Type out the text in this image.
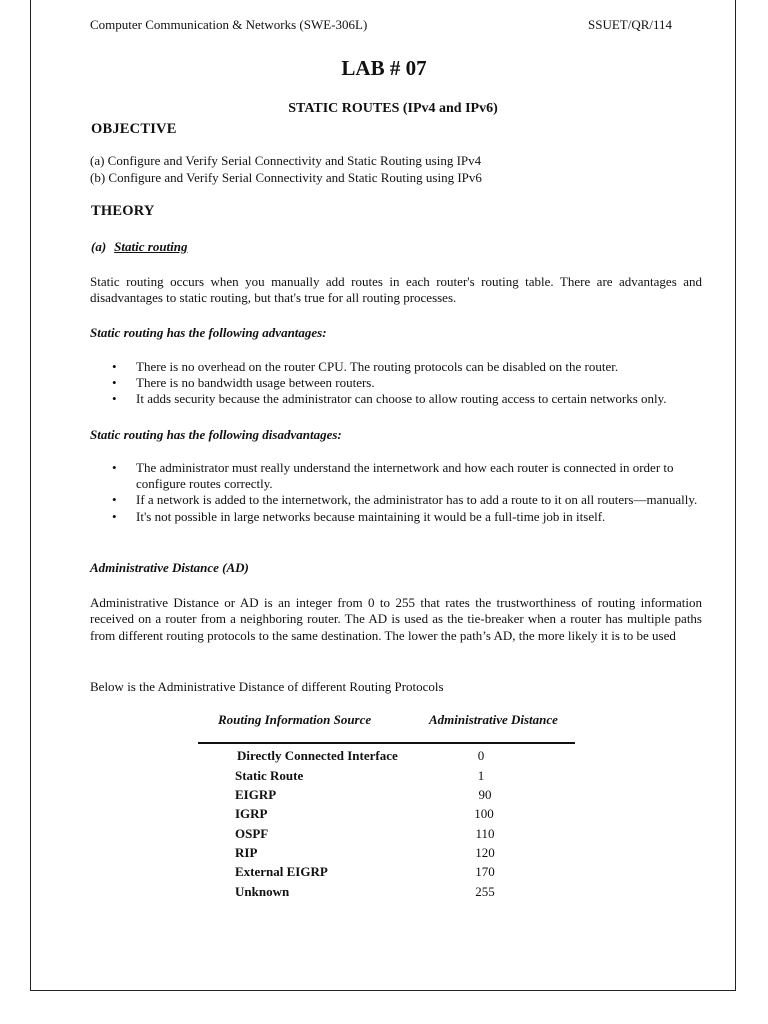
Computer Communication & Networks (SWE-306L)	SSUET/QR/114
LAB # 07
STATIC ROUTES (IPv4 and IPv6)
OBJECTIVE
(a) Configure and Verify Serial Connectivity and Static Routing using IPv4
(b) Configure and Verify Serial Connectivity and Static Routing using IPv6
THEORY
(a) Static routing
Static routing occurs when you manually add routes in each router's routing table. There are advantages and disadvantages to static routing, but that's true for all routing processes.
Static routing has the following advantages:
• There is no overhead on the router CPU. The routing protocols can be disabled on the router.
• There is no bandwidth usage between routers.
• It adds security because the administrator can choose to allow routing access to certain networks only.
Static routing has the following disadvantages:
• The administrator must really understand the internetwork and how each router is connected in order to configure routes correctly.
• If a network is added to the internetwork, the administrator has to add a route to it on all routers—manually.
• It's not possible in large networks because maintaining it would be a full-time job in itself.
Administrative Distance (AD)
Administrative Distance or AD is an integer from 0 to 255 that rates the trustworthiness of routing information received on a router from a neighboring router. The AD is used as the tie-breaker when a router has multiple paths from different routing protocols to the same destination. The lower the path’s AD, the more likely it is to be used
Below is the Administrative Distance of different Routing Protocols
Routing Information Source	Administrative Distance
Directly Connected Interface	0
Static Route	1
EIGRP	90
IGRP	100
OSPF	110
RIP	120
External EIGRP	170
Unknown	255
